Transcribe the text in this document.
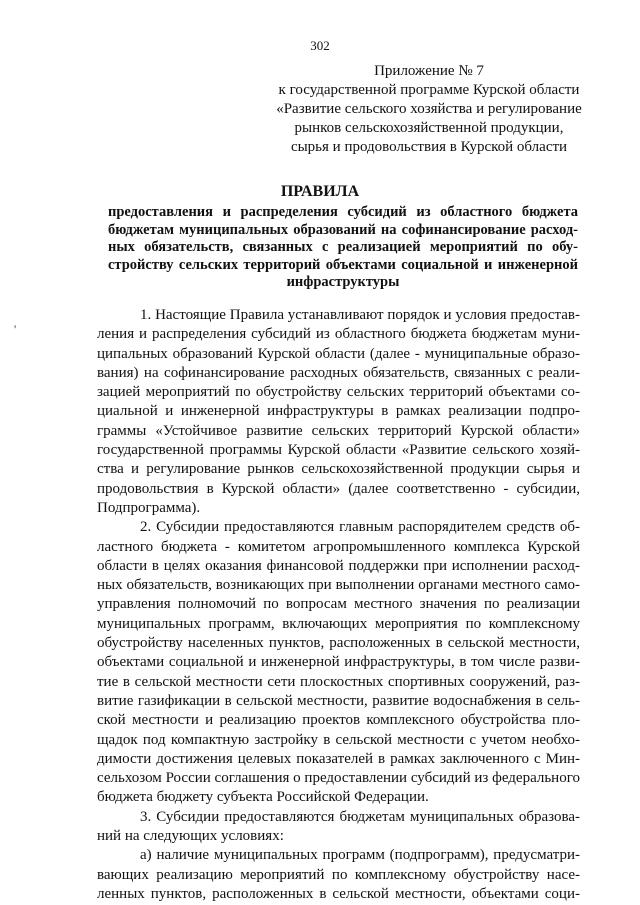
302
Приложение № 7
к государственной программе Курской области
«Развитие сельского хозяйства и регулирование
рынков сельскохозяйственной продукции,
сырья и продовольствия в Курской области
ПРАВИЛА
предоставления и распределения субсидий из областного бюджета
бюджетам муниципальных образований на софинансирование расход-
ных обязательств, связанных с реализацией мероприятий по обу-
стройству сельских территорий объектами социальной и инженерной
инфраструктуры
'
1. Настоящие Правила устанавливают порядок и условия предостав-
ления и распределения субсидий из областного бюджета бюджетам муни-
ципальных образований Курской области (далее - муниципальные образо-
вания) на софинансирование расходных обязательств, связанных с реали-
зацией мероприятий по обустройству сельских территорий объектами со-
циальной и инженерной инфраструктуры в рамках реализации подпро-
граммы «Устойчивое развитие сельских территорий Курской области»
государственной программы Курской области «Развитие сельского хозяй-
ства и регулирование рынков сельскохозяйственной продукции сырья и
продовольствия в Курской области» (далее соответственно - субсидии,
Подпрограмма).
2. Субсидии предоставляются главным распорядителем средств об-
ластного бюджета - комитетом агропромышленного комплекса Курской
области в целях оказания финансовой поддержки при исполнении расход-
ных обязательств, возникающих при выполнении органами местного само-
управления полномочий по вопросам местного значения по реализации
муниципальных программ, включающих мероприятия по комплексному
обустройству населенных пунктов, расположенных в сельской местности,
объектами социальной и инженерной инфраструктуры, в том числе разви-
тие в сельской местности сети плоскостных спортивных сооружений, раз-
витие газификации в сельской местности, развитие водоснабжения в сель-
ской местности и реализацию проектов комплексного обустройства пло-
щадок под компактную застройку в сельской местности с учетом необхо-
димости достижения целевых показателей в рамках заключенного с Мин-
сельхозом России соглашения о предоставлении субсидий из федерального
бюджета бюджету субъекта Российской Федерации.
3. Субсидии предоставляются бюджетам муниципальных образова-
ний на следующих условиях:
а) наличие муниципальных программ (подпрограмм), предусматри-
вающих реализацию мероприятий по комплексному обустройству насе-
ленных пунктов, расположенных в сельской местности, объектами соци-
